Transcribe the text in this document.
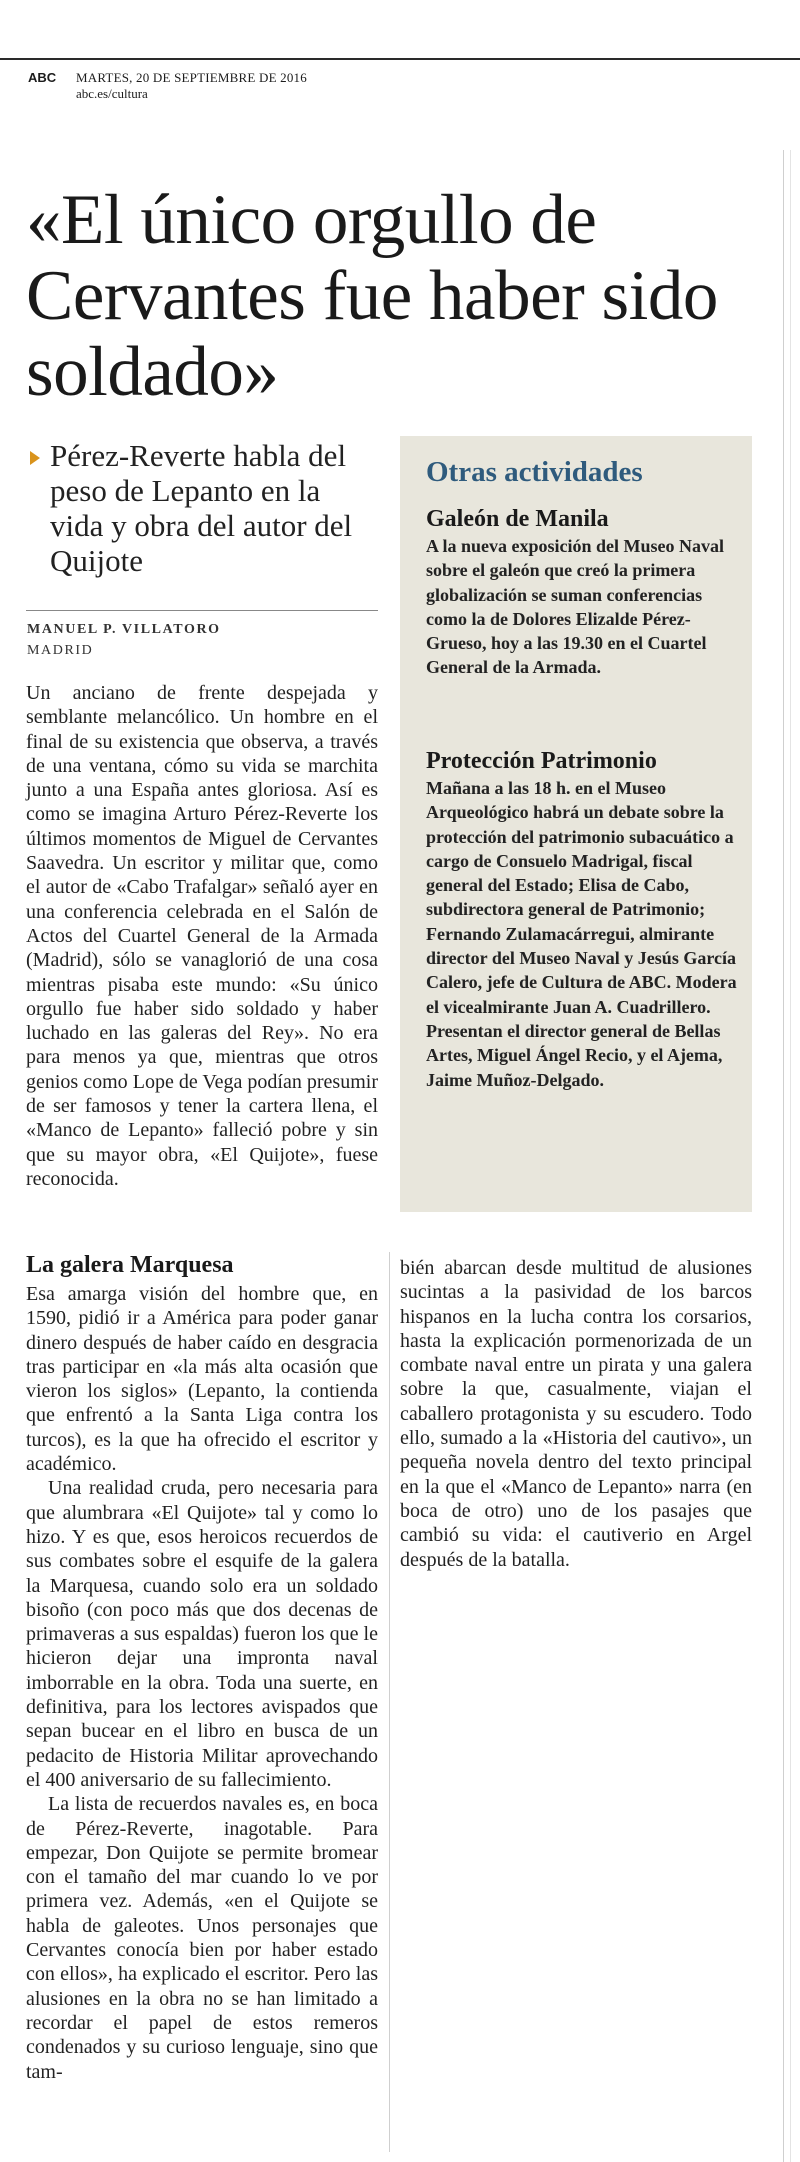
ABC MARTES, 20 DE SEPTIEMBRE DE 2016
abc.es/cultura
«El único orgullo de Cervantes fue haber sido soldado»
Pérez-Reverte habla del peso de Lepanto en la vida y obra del autor del Quijote
MANUEL P. VILLATORO
MADRID

Un anciano de frente despejada y semblante melancólico. Un hombre en el final de su existencia que observa, a través de una ventana, cómo su vida se marchita junto a una España antes gloriosa. Así es como se imagina Arturo Pérez-Reverte los últimos momentos de Miguel de Cervantes Saavedra. Un escritor y militar que, como el autor de «Cabo Trafalgar» señaló ayer en una conferencia celebrada en el Salón de Actos del Cuartel General de la Armada (Madrid), sólo se vanaglorió de una cosa mientras pisaba este mundo: «Su único orgullo fue haber sido soldado y haber luchado en las galeras del Rey». No era para menos ya que, mientras que otros genios como Lope de Vega podían presumir de ser famosos y tener la cartera llena, el «Manco de Lepanto» falleció pobre y sin que su mayor obra, «El Quijote», fuese reconocida.

La galera Marquesa

Esa amarga visión del hombre que, en 1590, pidió ir a América para poder ganar dinero después de haber caído en desgracia tras participar en «la más alta ocasión que vieron los siglos» (Lepanto, la contienda que enfrentó a la Santa Liga contra los turcos), es la que ha ofrecido el escritor y académico.

Una realidad cruda, pero necesaria para que alumbrara «El Quijote» tal y como lo hizo. Y es que, esos heroicos recuerdos de sus combates sobre el esquife de la galera la Marquesa, cuando solo era un soldado bisoño (con poco más que dos decenas de primaveras a sus espaldas) fueron los que le hicieron dejar una impronta naval imborrable en la obra. Toda una suerte, en definitiva, para los lectores avispados que sepan bucear en el libro en busca de un pedacito de Historia Militar aprovechando el 400 aniversario de su fallecimiento.

La lista de recuerdos navales es, en boca de Pérez-Reverte, inagotable. Para empezar, Don Quijote se permite bromear con el tamaño del mar cuando lo ve por primera vez. Además, «en el Quijote se habla de galeotes. Unos personajes que Cervantes conocía bien por haber estado con ellos», ha explicado el escritor. Pero las alusiones en la obra no se han limitado a recordar el papel de estos remeros condenados y su curioso lenguaje, sino que tam-

bién abarcan desde multitud de alusiones sucintas a la pasividad de los barcos hispanos en la lucha contra los corsarios, hasta la explicación pormenorizada de un combate naval entre un pirata y una galera sobre la que, casualmente, viajan el caballero protagonista y su escudero. Todo ello, sumado a la «Historia del cautivo», un pequeña novela dentro del texto principal en la que el «Manco de Lepanto» narra (en boca de otro) uno de los pasajes que cambió su vida: el cautiverio en Argel después de la batalla.

Otras actividades
Galeón de Manila

A la nueva exposición del Museo Naval sobre el galeón que creó la primera globalización se suman conferencias como la de Dolores Elizalde Pérez-Grueso, hoy a las 19.30 en el Cuartel General de la Armada.

Protección Patrimonio

Mañana a las 18 h. en el Museo Arqueológico habrá un debate sobre la protección del patrimonio subacuático a cargo de Consuelo Madrigal, fiscal general del Estado; Elisa de Cabo, subdirectora general de Patrimonio; Fernando Zulamacárregui, almirante director del Museo Naval y Jesús García Calero, jefe de Cultura de ABC. Modera el vicealmirante Juan A. Cuadrillero. Presentan el director general de Bellas Artes, Miguel Ángel Recio, y el Ajema, Jaime Muñoz-Delgado.
